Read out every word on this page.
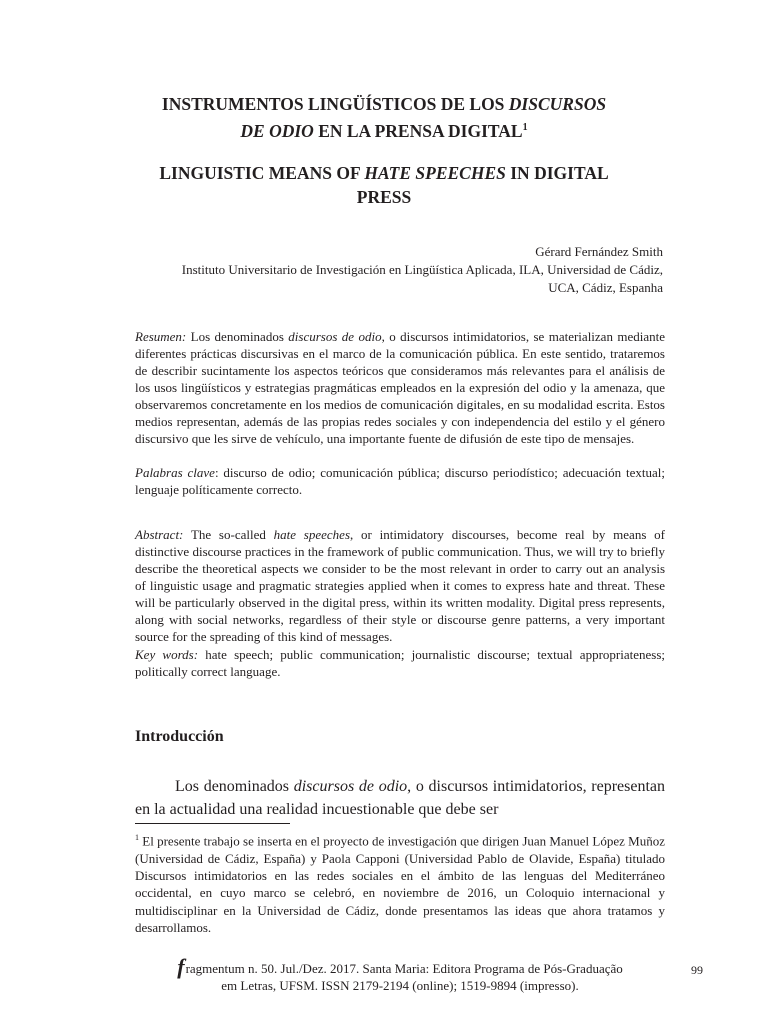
INSTRUMENTOS LINGÜÍSTICOS DE LOS DISCURSOS
DE ODIO EN LA PRENSA DIGITAL$^1$
LINGUISTIC MEANS OF HATE SPEECHES IN DIGITAL
PRESS
Gérard Fernández Smith
Instituto Universitario de Investigación en Lingüística Aplicada, ILA, Universidad de Cádiz,
UCA, Cádiz, Espanha

Resumen: Los denominados discursos de odio, o discursos intimidatorios, se materializan mediante diferentes prácticas discursivas en el marco de la comunicación pública. En este sentido, trataremos de describir sucintamente los aspectos teóricos que consideramos más relevantes para el análisis de los usos lingüísticos y estrategias pragmáticas empleados en la expresión del odio y la amenaza, que observaremos concretamente en los medios de comunicación digitales, en su modalidad escrita. Estos medios representan, además de las propias redes sociales y con independencia del estilo y el género discursivo que les sirve de vehículo, una importante fuente de difusión de este tipo de mensajes.

Palabras clave: discurso de odio; comunicación pública; discurso periodístico; adecuación textual; lenguaje políticamente correcto.

Abstract: The so-called hate speeches, or intimidatory discourses, become real by means of distinctive discourse practices in the framework of public communication. Thus, we will try to briefly describe the theoretical aspects we consider to be the most relevant in order to carry out an analysis of linguistic usage and pragmatic strategies applied when it comes to express hate and threat. These will be particularly observed in the digital press, within its written modality. Digital press represents, along with social networks, regardless of their style or discourse genre patterns, a very important source for the spreading of this kind of messages.

Key words: hate speech; public communication; journalistic discourse; textual appropriateness; politically correct language.

Introducción

Los denominados discursos de odio, o discursos intimidatorios, representan en la actualidad una realidad incuestionable que debe ser

$^1$ El presente trabajo se inserta en el proyecto de investigación que dirigen Juan Manuel López Muñoz (Universidad de Cádiz, España) y Paola Capponi (Universidad Pablo de Olavide, España) titulado Discursos intimidatorios en las redes sociales en el ámbito de las lenguas del Mediterráneo occidental, en cuyo marco se celebró, en noviembre de 2016, un Coloquio internacional y multidisciplinar en la Universidad de Cádiz, donde presentamos las ideas que ahora tratamos y desarrollamos.

fragmentum n. 50. Jul./Dez. 2017. Santa Maria: Editora Programa de Pós-Graduação
em Letras, UFSM. ISSN 2179-2194 (online); 1519-9894 (impresso).
99
